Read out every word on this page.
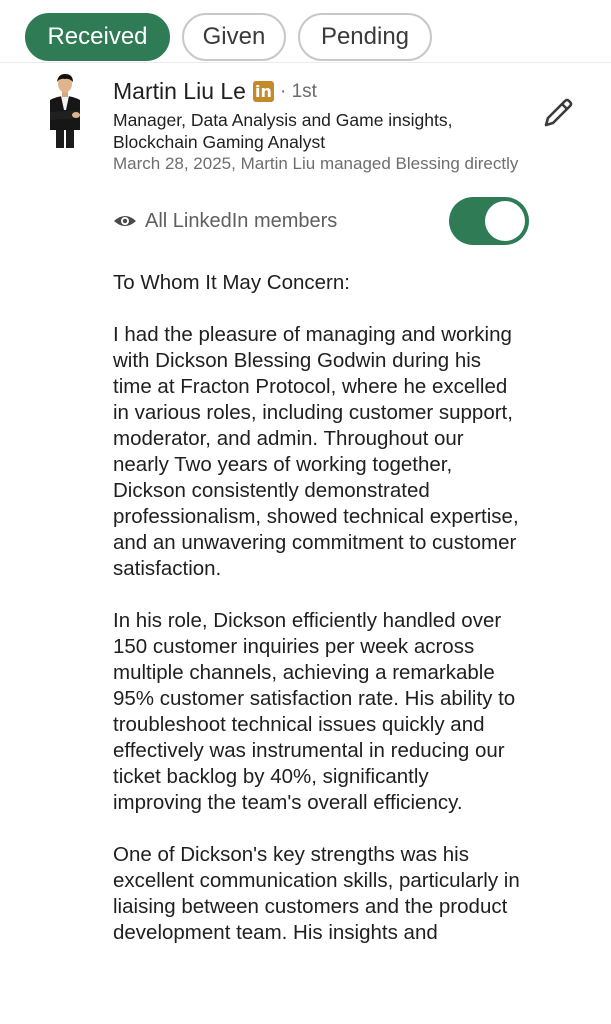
Received	Given	Pending
Martin Liu Le in · 1st
Manager, Data Analysis and Game insights, Blockchain Gaming Analyst
March 28, 2025, Martin Liu managed Blessing directly
All LinkedIn members

To Whom It May Concern:

I had the pleasure of managing and working with Dickson Blessing Godwin during his time at Fracton Protocol, where he excelled in various roles, including customer support, moderator, and admin. Throughout our nearly Two years of working together, Dickson consistently demonstrated professionalism, showed technical expertise, and an unwavering commitment to customer satisfaction.

In his role, Dickson efficiently handled over 150 customer inquiries per week across multiple channels, achieving a remarkable 95% customer satisfaction rate. His ability to troubleshoot technical issues quickly and effectively was instrumental in reducing our ticket backlog by 40%, significantly improving the team's overall efficiency.

One of Dickson's key strengths was his excellent communication skills, particularly in liaising between customers and the product development team. His insights and
